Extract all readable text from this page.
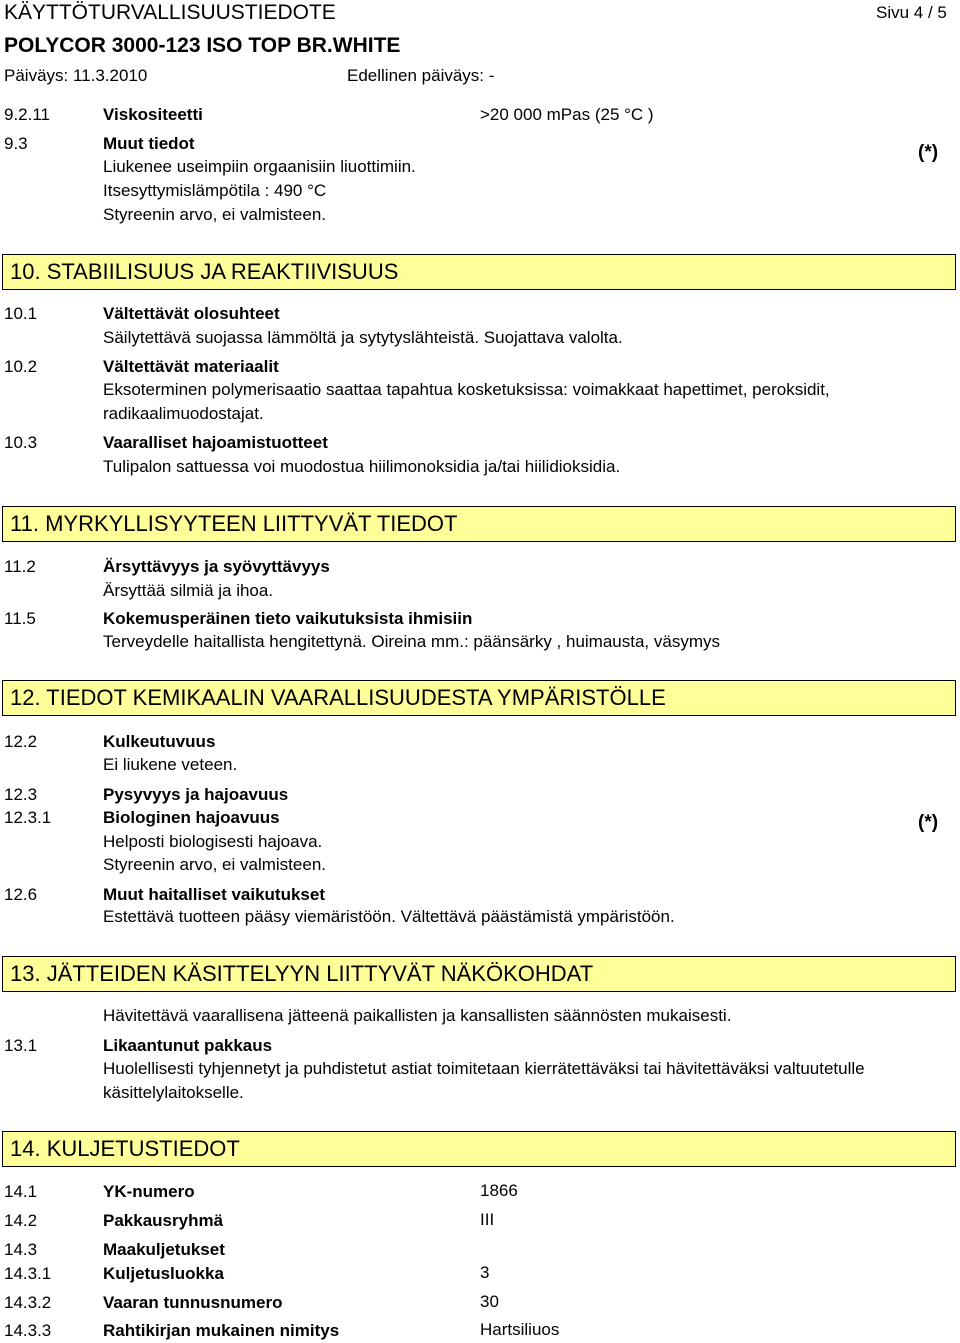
KÄYTTÖTURVALLISUUSTIEDOTE	Sivu 4 / 5
POLYCOR 3000-123 ISO TOP BR.WHITE
Päiväys: 11.3.2010	Edellinen päiväys: -
9.2.11	Viskositeetti	>20 000 mPas (25 °C )
9.3	Muut tiedot	(*)
Liukenee useimpiin orgaanisiin liuottimiin.
Itsesyttymislämpötila : 490 °C
Styreenin arvo, ei valmisteen.
10. STABIILISUUS JA REAKTIIVISUUS
10.1	Vältettävät olosuhteet
Säilytettävä suojassa lämmöltä ja sytytyslähteistä. Suojattava valolta.
10.2	Vältettävät materiaalit
Eksoterminen polymerisaatio saattaa tapahtua kosketuksissa: voimakkaat hapettimet, peroksidit,
radikaalimuodostajat.
10.3	Vaaralliset hajoamistuotteet
Tulipalon sattuessa voi muodostua hiilimonoksidia ja/tai hiilidioksidia.
11. MYRKYLLISYYTEEN LIITTYVÄT TIEDOT
11.2	Ärsyttävyys ja syövyttävyys
Ärsyttää silmiä ja ihoa.
11.5	Kokemusperäinen tieto vaikutuksista ihmisiin
Terveydelle haitallista hengitettynä. Oireina mm.: päänsärky , huimausta, väsymys
12. TIEDOT KEMIKAALIN VAARALLISUUDESTA YMPÄRISTÖLLE
12.2	Kulkeutuvuus
Ei liukene veteen.
12.3	Pysyvyys ja hajoavuus
12.3.1	Biologinen hajoavuus	(*)
Helposti biologisesti hajoava.
Styreenin arvo, ei valmisteen.
12.6	Muut haitalliset vaikutukset
Estettävä tuotteen pääsy viemäristöön. Vältettävä päästämistä ympäristöön.
13. JÄTTEIDEN KÄSITTELYYN LIITTYVÄT NÄKÖKOHDAT
Hävitettävä vaarallisena jätteenä paikallisten ja kansallisten säännösten mukaisesti.
13.1	Likaantunut pakkaus
Huolellisesti tyhjennetyt ja puhdistetut astiat toimitetaan kierrätettäväksi tai hävitettäväksi valtuutetulle
käsittelylaitokselle.
14. KULJETUSTIEDOT
14.1	YK-numero	1866
14.2	Pakkausryhmä	III
14.3	Maakuljetukset
14.3.1	Kuljetusluokka	3
14.3.2	Vaaran tunnusnumero	30
14.3.3	Rahtikirjan mukainen nimitys	Hartsiliuos
